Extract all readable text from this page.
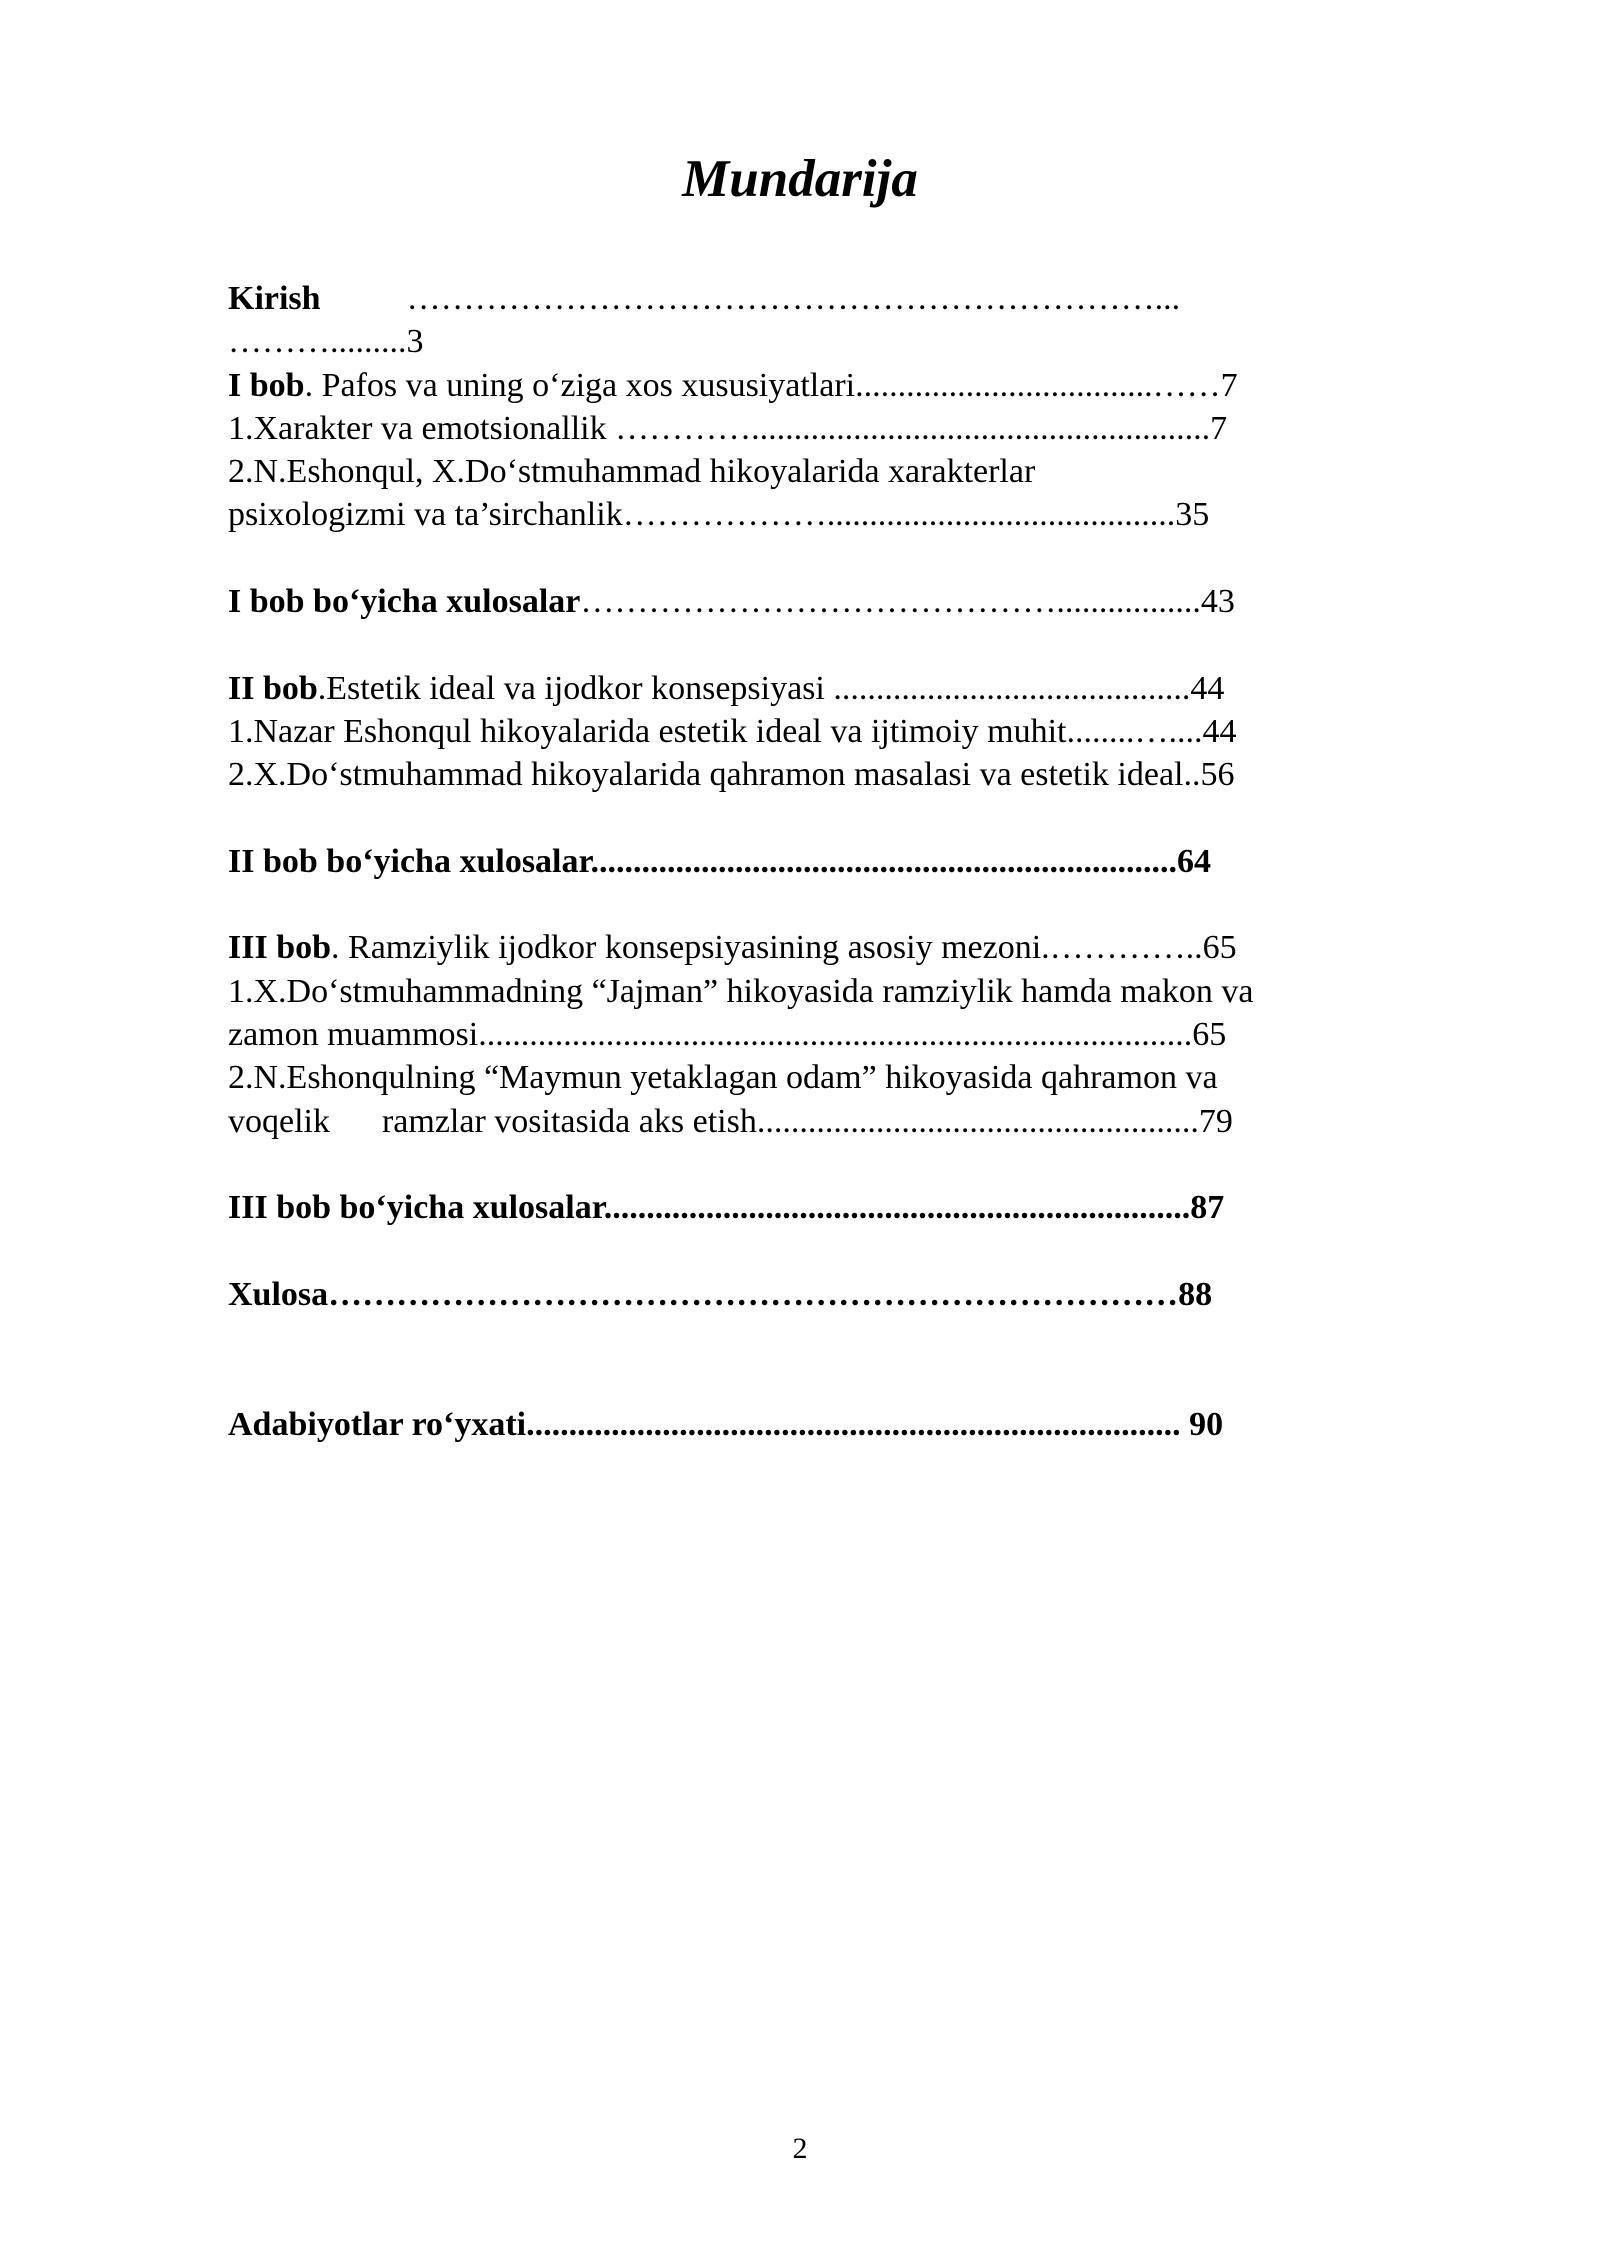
Mundarija
Kirish	…………………………………………………………...
……….........3
I bob. Pafos va uning o‘ziga xos xususiyatlari...................................……7
1.Xarakter va emotsionallik …………......................................................7
2.N.Eshonqul, X.Do‘stmuhammad hikoyalarida xarakterlar
psixologizmi va ta’sirchanlik……………….........................................35
I bob bo‘yicha xulosalar…………………………………….................43
II bob.Estetik ideal va ijodkor konsepsiyasi ..........................................44
1.Nazar Eshonqul hikoyalarida estetik ideal va ijtimoiy muhit........…....44
2.X.Do‘stmuhammad hikoyalarida qahramon masalasi va estetik ideal..56
II bob bo‘yicha xulosalar.....................................................................64
III bob. Ramziylik ijodkor konsepsiyasining asosiy mezoni.…………..65
1.X.Do‘stmuhammadning “Jajman” hikoyasida ramziylik hamda makon va
zamon muammosi....................................................................................65
2.N.Eshonqulning “Maymun yetaklagan odam” hikoyasida qahramon va
voqelik ramzlar vositasida aks etish....................................................79
III bob bo‘yicha xulosalar.....................................................................87
Xulosa…………………………………………………………………88
Adabiyotlar ro‘yxati............................................................................. 90
2
